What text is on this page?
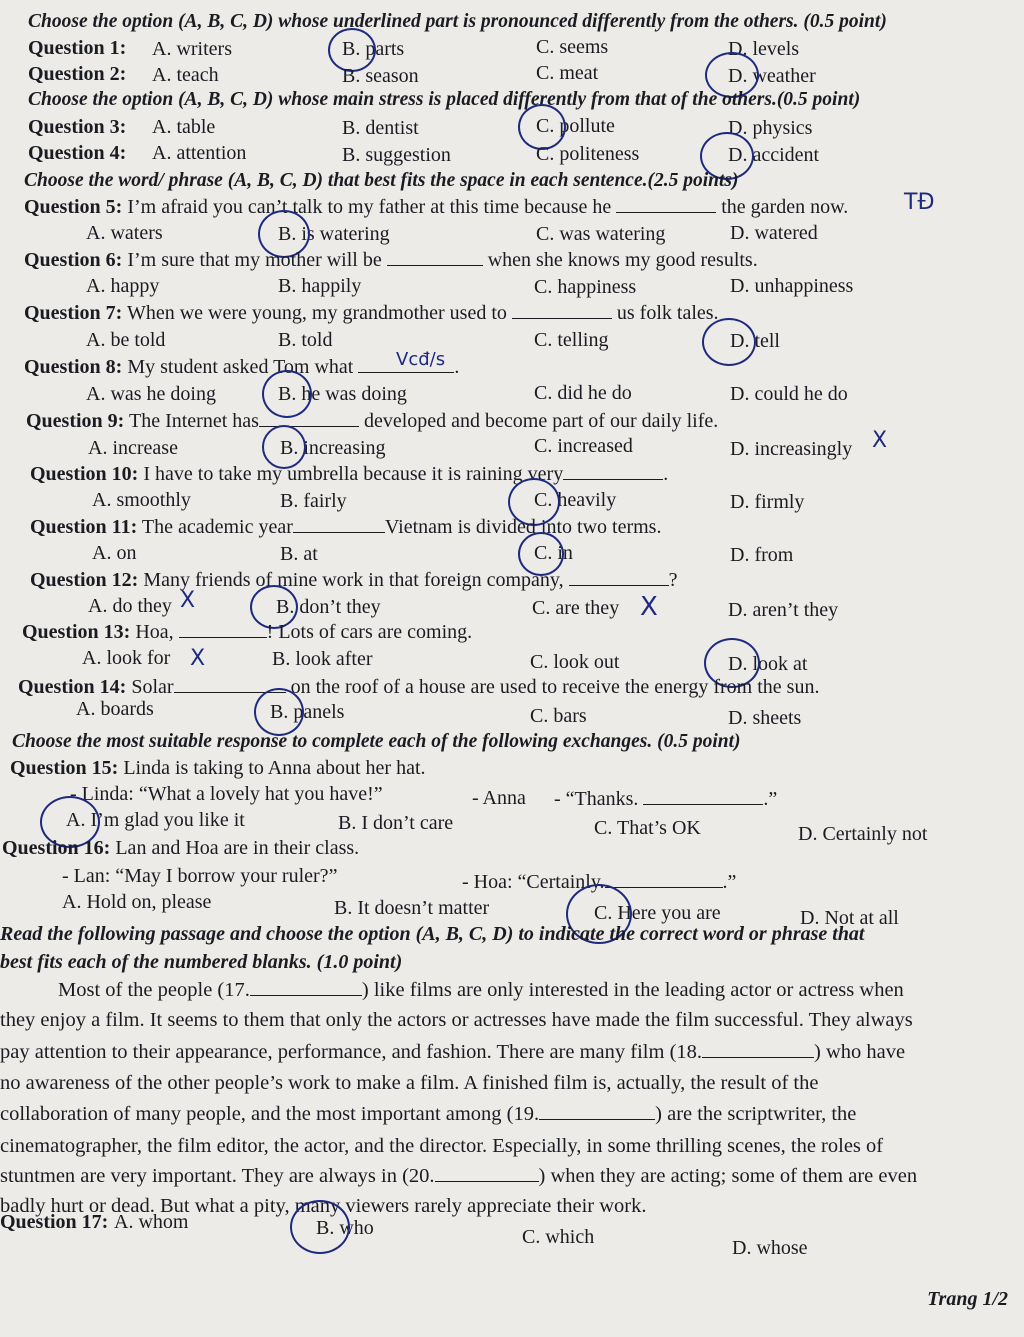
Choose the option (A, B, C, D) whose underlined part is pronounced differently from the others. (0.5 point)
Question 1: A. writers	B. parts	C. seems	D. levels
Question 2: A. teach	B. season	C. meat	D. weather
Choose the option (A, B, C, D) whose main stress is placed differently from that of the others.(0.5 point)
Question 3: A. table	B. dentist	C. pollute	D. physics
Question 4: A. attention	B. suggestion	C. politeness	D. accident
Choose the word/ phrase (A, B, C, D) that best fits the space in each sentence.(2.5 points)
Question 5: I’m afraid you can’t talk to my father at this time because he	the garden now.	TĐ
A. waters	B. is watering	C. was watering	D. watered
Question 6: I’m sure that my mother will be	when she knows my good results.
A. happy	B. happily	C. happiness	D. unhappiness
Question 7: When we were young, my grandmother used to	us folk tales.
A. be told	B. told	C. telling	D. tell
Question 8: My student asked Tom what	.
Vcđ/s
A. was he doing	B. he was doing	C. did he do	D. could he do
Question 9: The Internet has	developed and become part of our daily life.
A. increase	B. increasing	C. increased	D. increasingly X
Question 10: I have to take my umbrella because it is raining very	.
A. smoothly	B. fairly	C. heavily	D. firmly
Question 11: The academic year	Vietnam is divided into two terms.
A. on	B. at	C. in	D. from
Question 12: Many friends of mine work in that foreign company,	?
A. do they	B. don’t they	C. are they	D. aren’t they
X	X
Question 13: Hoa,	! Lots of cars are coming.
A. look for	B. look after	C. look out	D. look at
X
Question 14: Solar	on the roof of a house are used to receive the energy from the sun.
A. boards	B. panels	C. bars	D. sheets
Choose the most suitable response to complete each of the following exchanges. (0.5 point)
Question 15: Linda is taking to Anna about her hat.
- Linda: “What a lovely hat you have!”	- Anna - “Thanks.	.”
A. I’m glad you like it	B. I don’t care	C. That’s OK	D. Certainly not
Question 16: Lan and Hoa are in their class.
- Lan: “May I borrow your ruler?”	- Hoa: “Certainly.	.”
A. Hold on, please	B. It doesn’t matter	C. Here you are	D. Not at all
Read the following passage and choose the option (A, B, C, D) to indicate the correct word or phrase that
best fits each of the numbered blanks. (1.0 point)
Most of the people (17.	) like films are only interested in the leading actor or actress when
they enjoy a film. It seems to them that only the actors or actresses have made the film successful. They always
pay attention to their appearance, performance, and fashion. There are many film (18.	) who have
no awareness of the other people’s work to make a film. A finished film is, actually, the result of the
collaboration of many people, and the most important among (19.	) are the scriptwriter, the
cinematographer, the film editor, the actor, and the director. Especially, in some thrilling scenes, the roles of
stuntmen are very important. They are always in (20.	) when they are acting; some of them are even
badly hurt or dead. But what a pity, many viewers rarely appreciate their work.
Question 17: A. whom	B. who	C. which	D. whose
Trang 1/2
